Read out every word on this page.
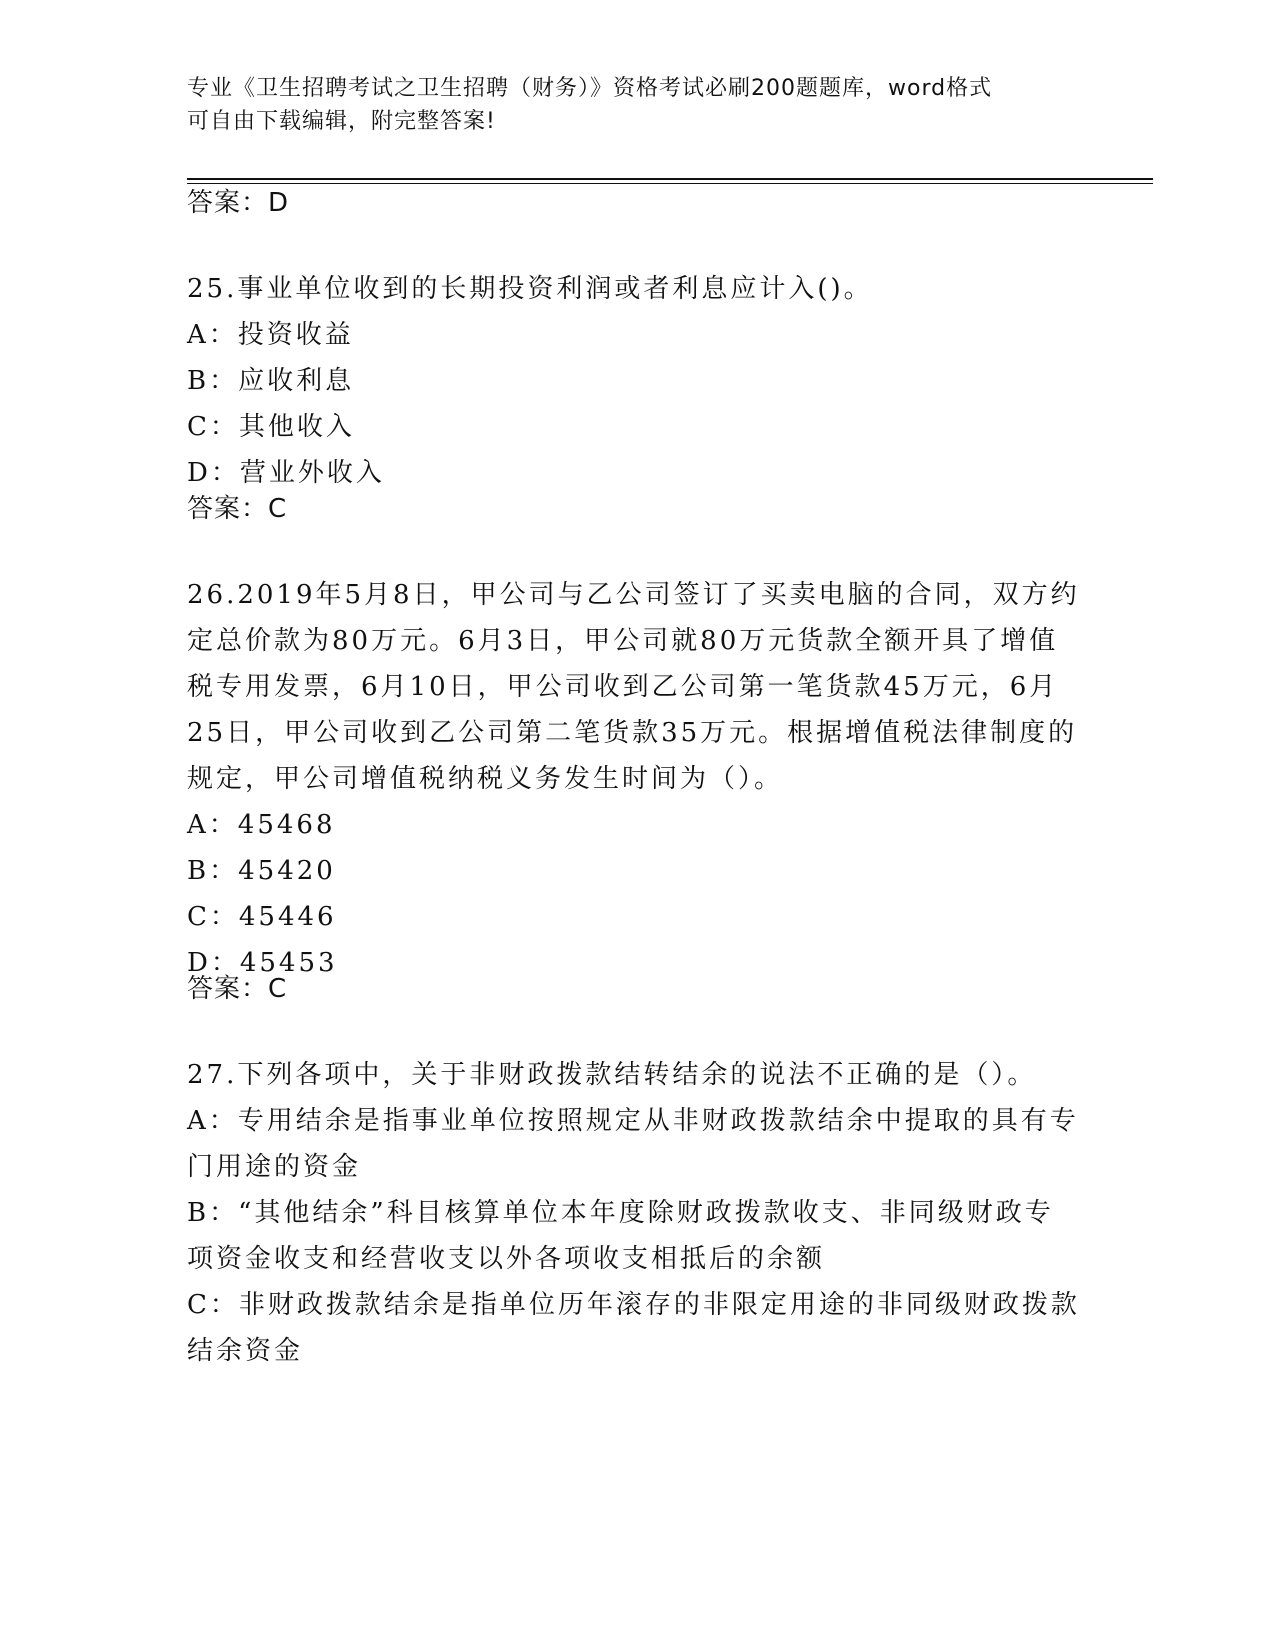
专业《卫生招聘考试之卫生招聘（财务）》资格考试必刷200题题库，word格式
可自由下载编辑，附完整答案!
答案：D
25.事业单位收到的长期投资利润或者利息应计入()。
A：投资收益
B：应收利息
C：其他收入
D：营业外收入
答案：C
26.2019年5月8日，甲公司与乙公司签订了买卖电脑的合同，双方约
定总价款为80万元。6月3日，甲公司就80万元货款全额开具了增值
税专用发票，6月10日，甲公司收到乙公司第一笔货款45万元，6月
25日，甲公司收到乙公司第二笔货款35万元。根据增值税法律制度的
规定，甲公司增值税纳税义务发生时间为（）。
A：45468
B：45420
C：45446
D：45453
答案：C
27.下列各项中，关于非财政拨款结转结余的说法不正确的是（）。
A：专用结余是指事业单位按照规定从非财政拨款结余中提取的具有专
门用途的资金
B：“其他结余”科目核算单位本年度除财政拨款收支、非同级财政专
项资金收支和经营收支以外各项收支相抵后的余额
C：非财政拨款结余是指单位历年滚存的非限定用途的非同级财政拨款
结余资金
